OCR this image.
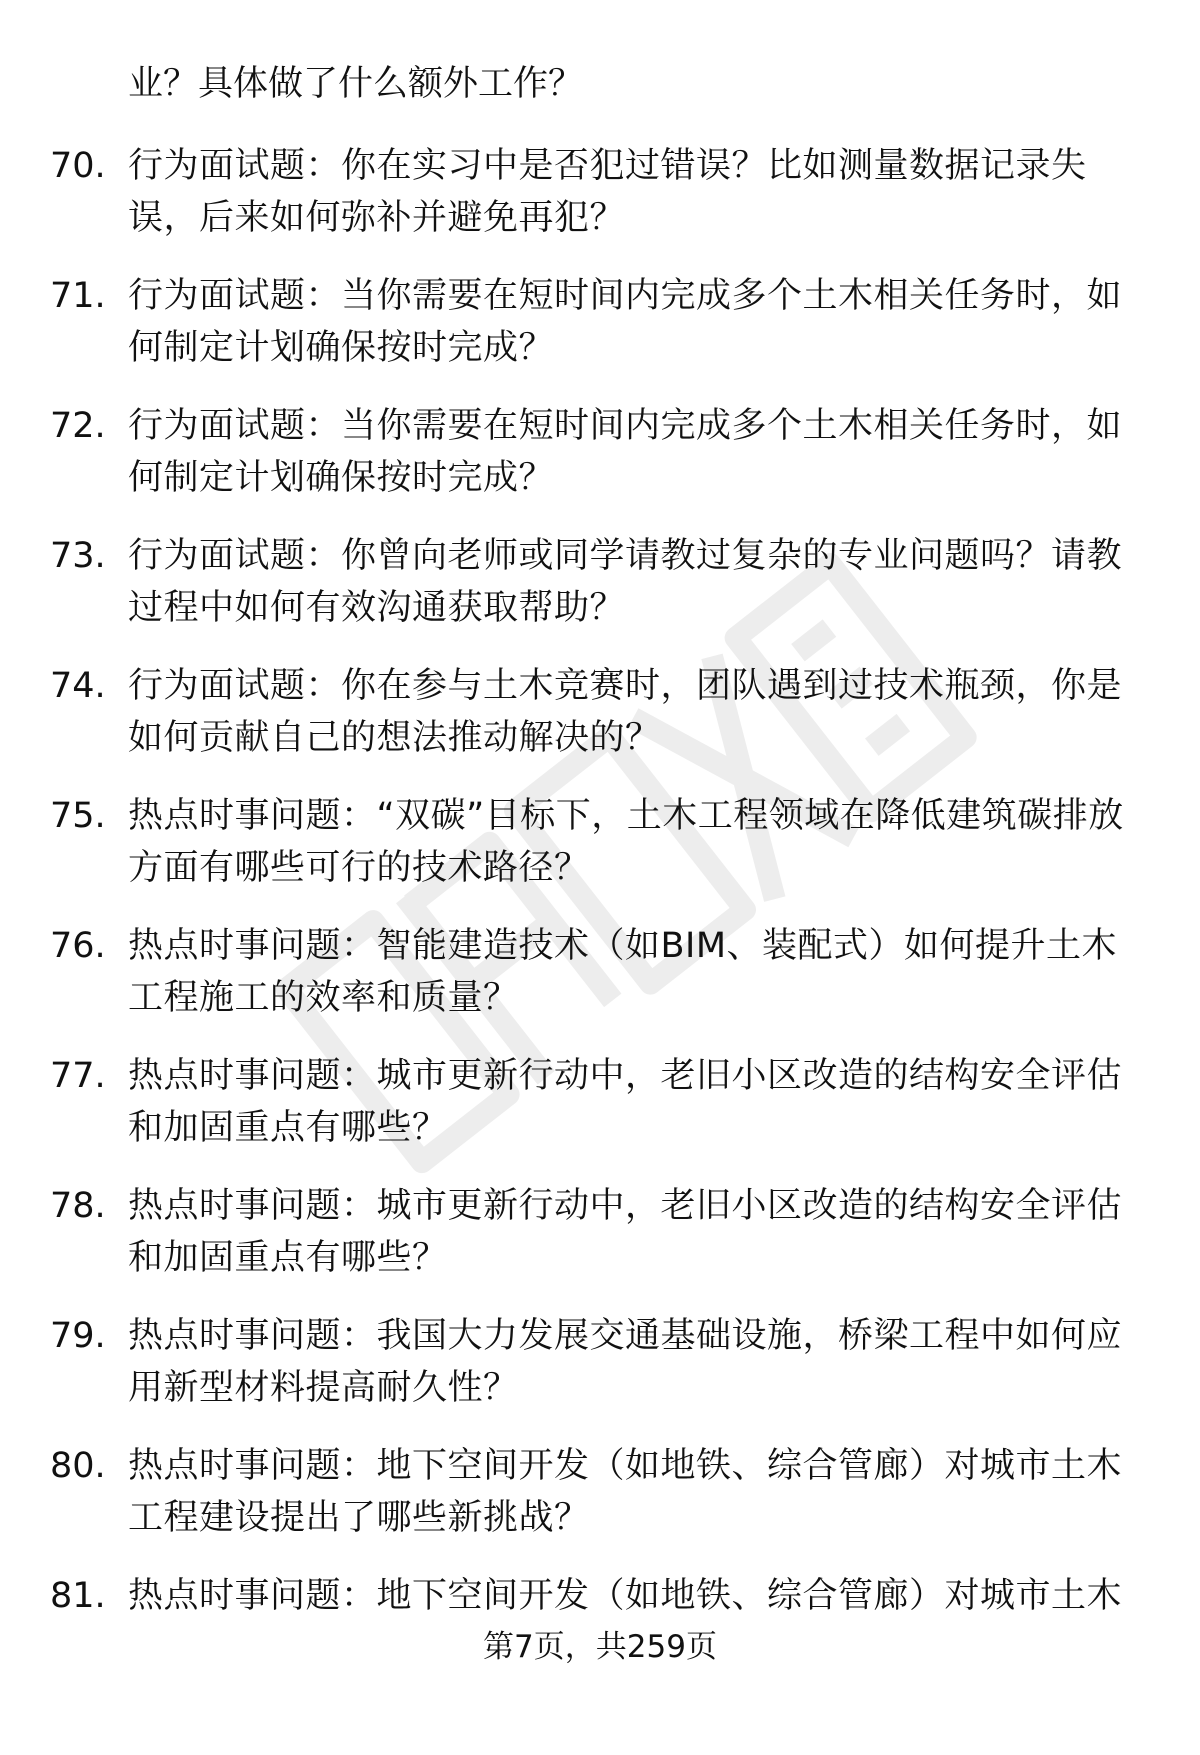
业？具体做了什么额外工作？
70. 行为面试题：你在实习中是否犯过错误？比如测量数据记录失误，后来如何弥补并避免再犯？
71. 行为面试题：当你需要在短时间内完成多个土木相关任务时，如何制定计划确保按时完成？
72. 行为面试题：当你需要在短时间内完成多个土木相关任务时，如何制定计划确保按时完成？
73. 行为面试题：你曾向老师或同学请教过复杂的专业问题吗？请教过程中如何有效沟通获取帮助？
74. 行为面试题：你在参与土木竞赛时，团队遇到过技术瓶颈，你是如何贡献自己的想法推动解决的？
75. 热点时事问题：“双碳”目标下，土木工程领域在降低建筑碳排放方面有哪些可行的技术路径？
76. 热点时事问题：智能建造技术（如BIM、装配式）如何提升土木工程施工的效率和质量？
77. 热点时事问题：城市更新行动中，老旧小区改造的结构安全评估和加固重点有哪些？
78. 热点时事问题：城市更新行动中，老旧小区改造的结构安全评估和加固重点有哪些？
79. 热点时事问题：我国大力发展交通基础设施，桥梁工程中如何应用新型材料提高耐久性？
80. 热点时事问题：地下空间开发（如地铁、综合管廊）对城市土木工程建设提出了哪些新挑战？
81. 热点时事问题：地下空间开发（如地铁、综合管廊）对城市土木
第7页，共259页
